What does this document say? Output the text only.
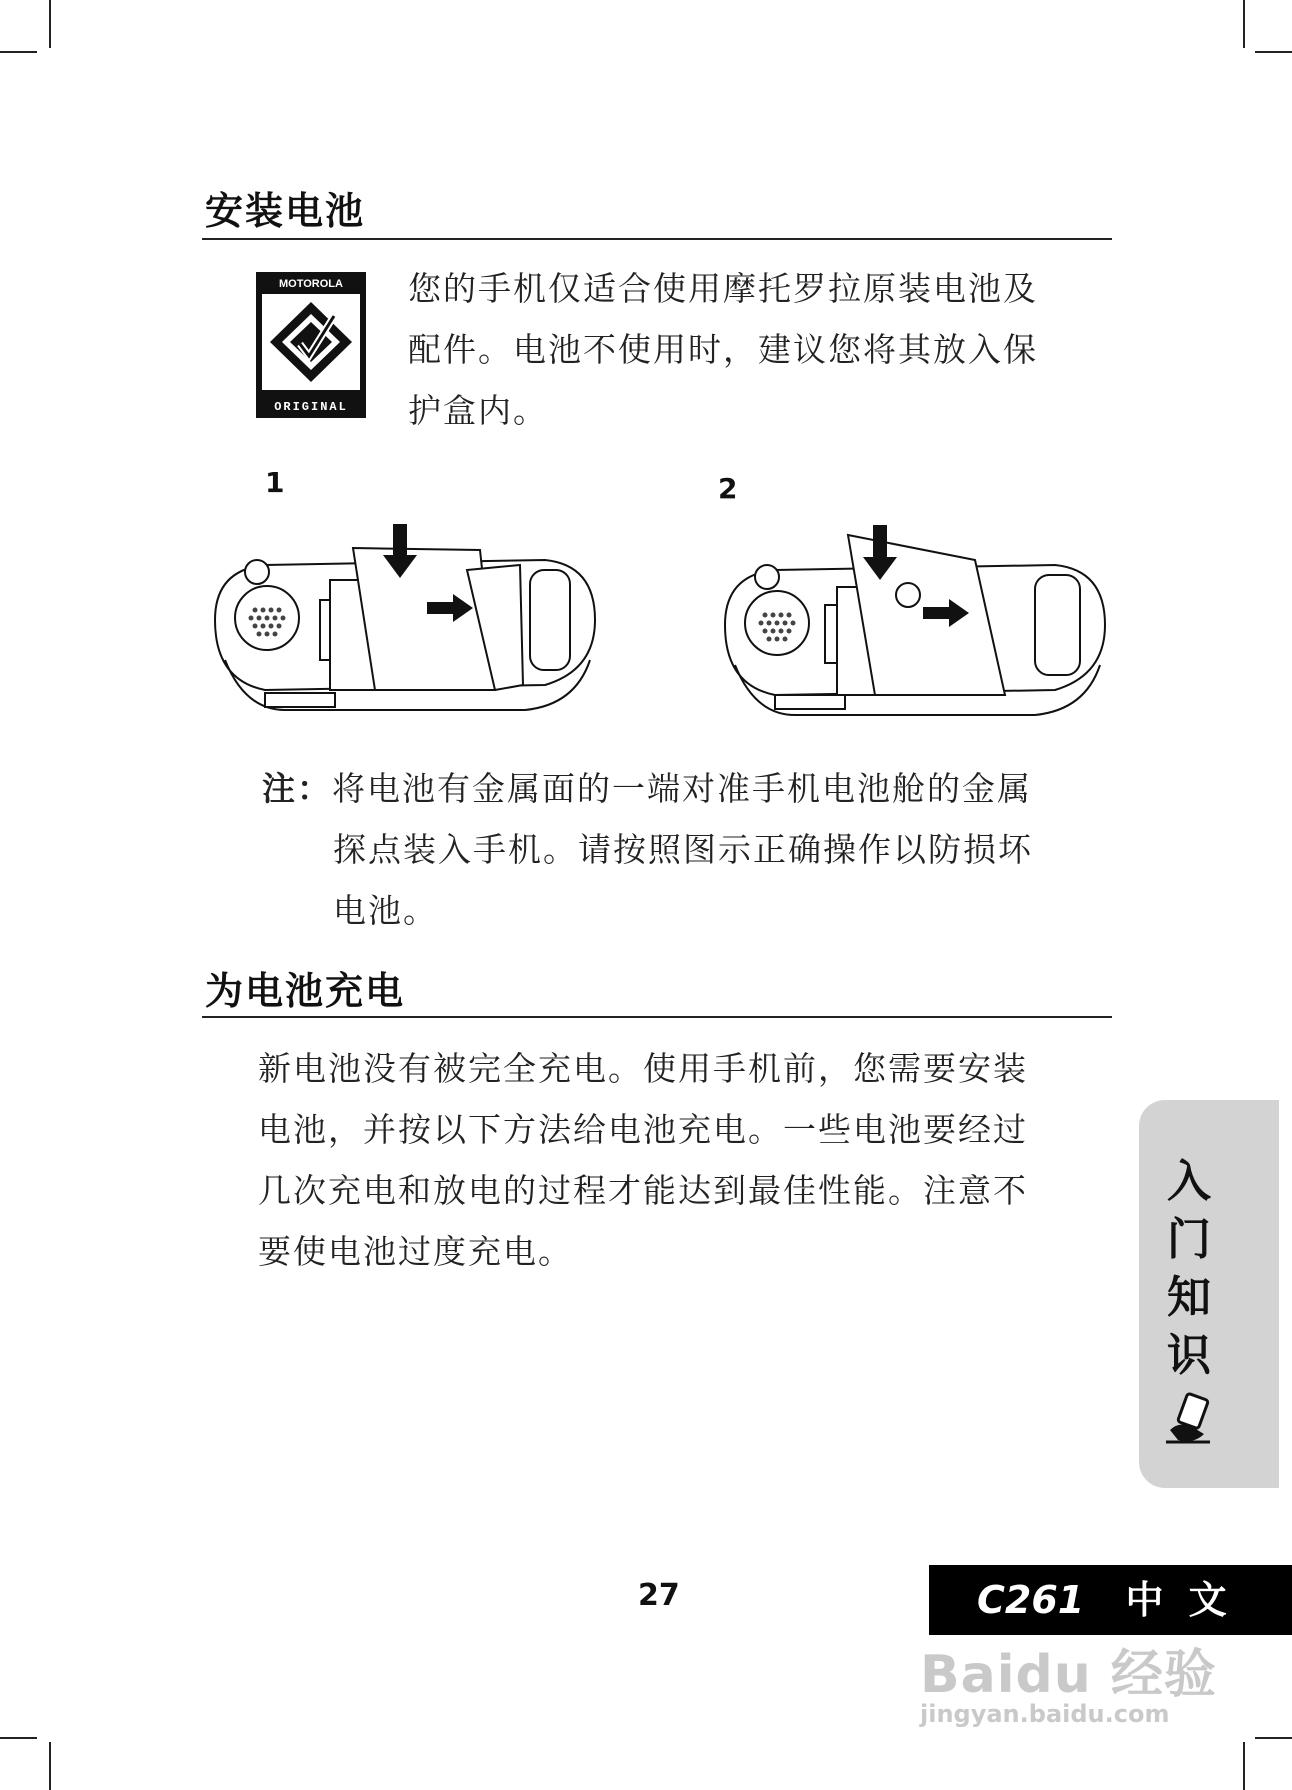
安装电池
MOTOROLA
ORIGINAL
您的手机仅适合使用摩托罗拉原装电池及
配件。电池不使用时，建议您将其放入保
护盒内。
1	2
注：将电池有金属面的一端对准手机电池舱的金属
探点装入手机。请按照图示正确操作以防损坏
电池。
为电池充电
新电池没有被完全充电。使用手机前，您需要安装
电池，并按以下方法给电池充电。一些电池要经过
几次充电和放电的过程才能达到最佳性能。注意不
要使电池过度充电。
入
门
知
识
27	C261 中 文
Baidu 经验
jingyan.baidu.com
